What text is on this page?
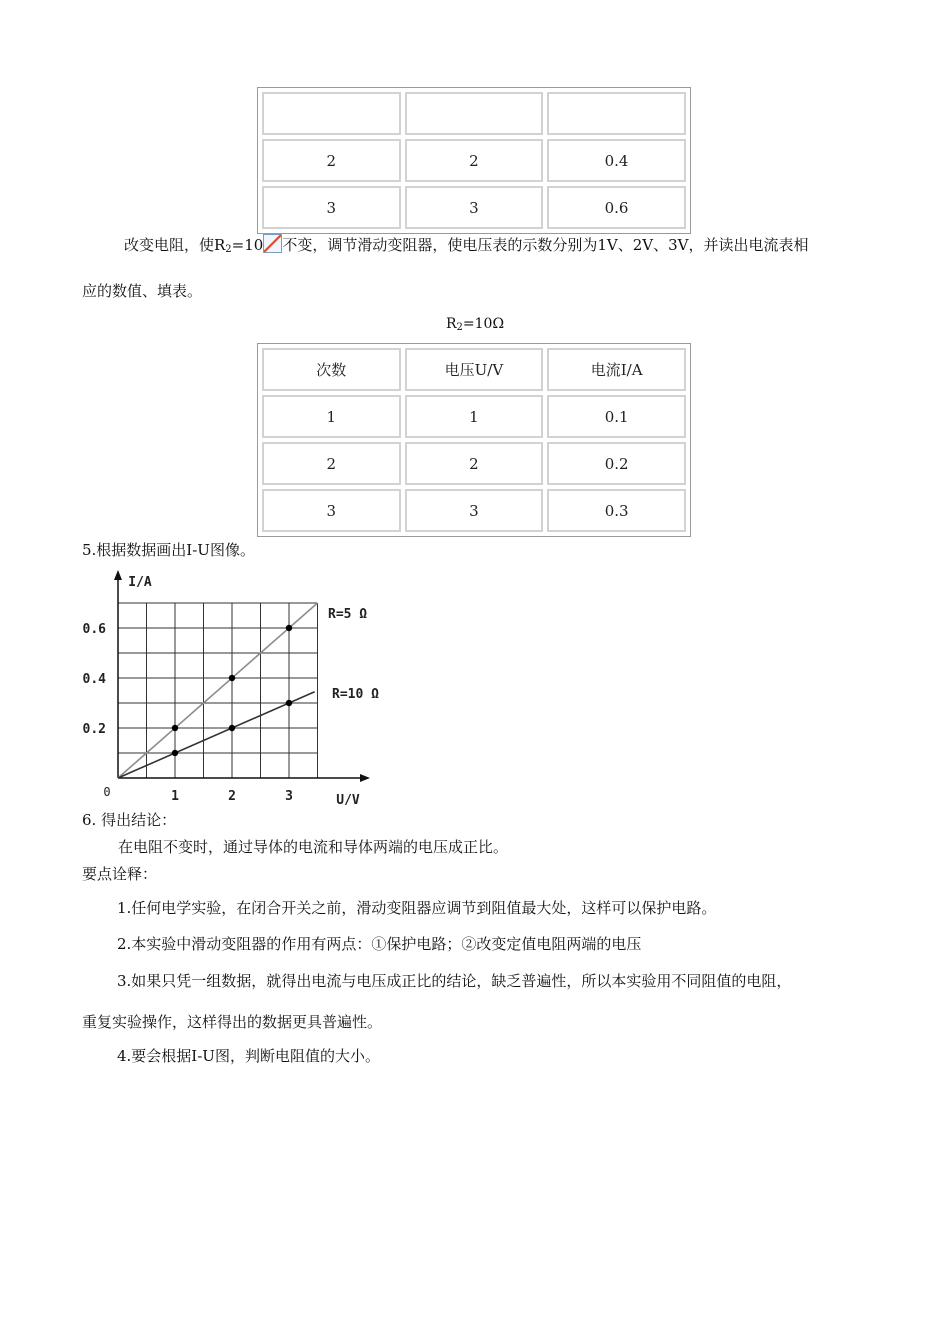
2	2	0.4
3	3	0.6
改变电阻，使$R_2=10$ 不变，调节滑动变阻器，使电压表的示数分别为1V、2V、3V，并读出电流表相
应的数值、填表。
$R_2=10\Omega$
次数	电压U/V	电流I/A
1	1	0.1
2	2	0.2
3	3	0.3
5.根据数据画出I-U图像。
I/A
U/V
0	1	2	3
0.2
0.4
0.6
R=5 Ω
R=10 Ω
6. 得出结论：
在电阻不变时，通过导体的电流和导体两端的电压成正比。
要点诠释：
1.任何电学实验，在闭合开关之前，滑动变阻器应调节到阻值最大处，这样可以保护电路。
2.本实验中滑动变阻器的作用有两点：①保护电路；②改变定值电阻两端的电压
3.如果只凭一组数据，就得出电流与电压成正比的结论，缺乏普遍性，所以本实验用不同阻值的电阻，
重复实验操作，这样得出的数据更具普遍性。
4.要会根据I-U图，判断电阻值的大小。
